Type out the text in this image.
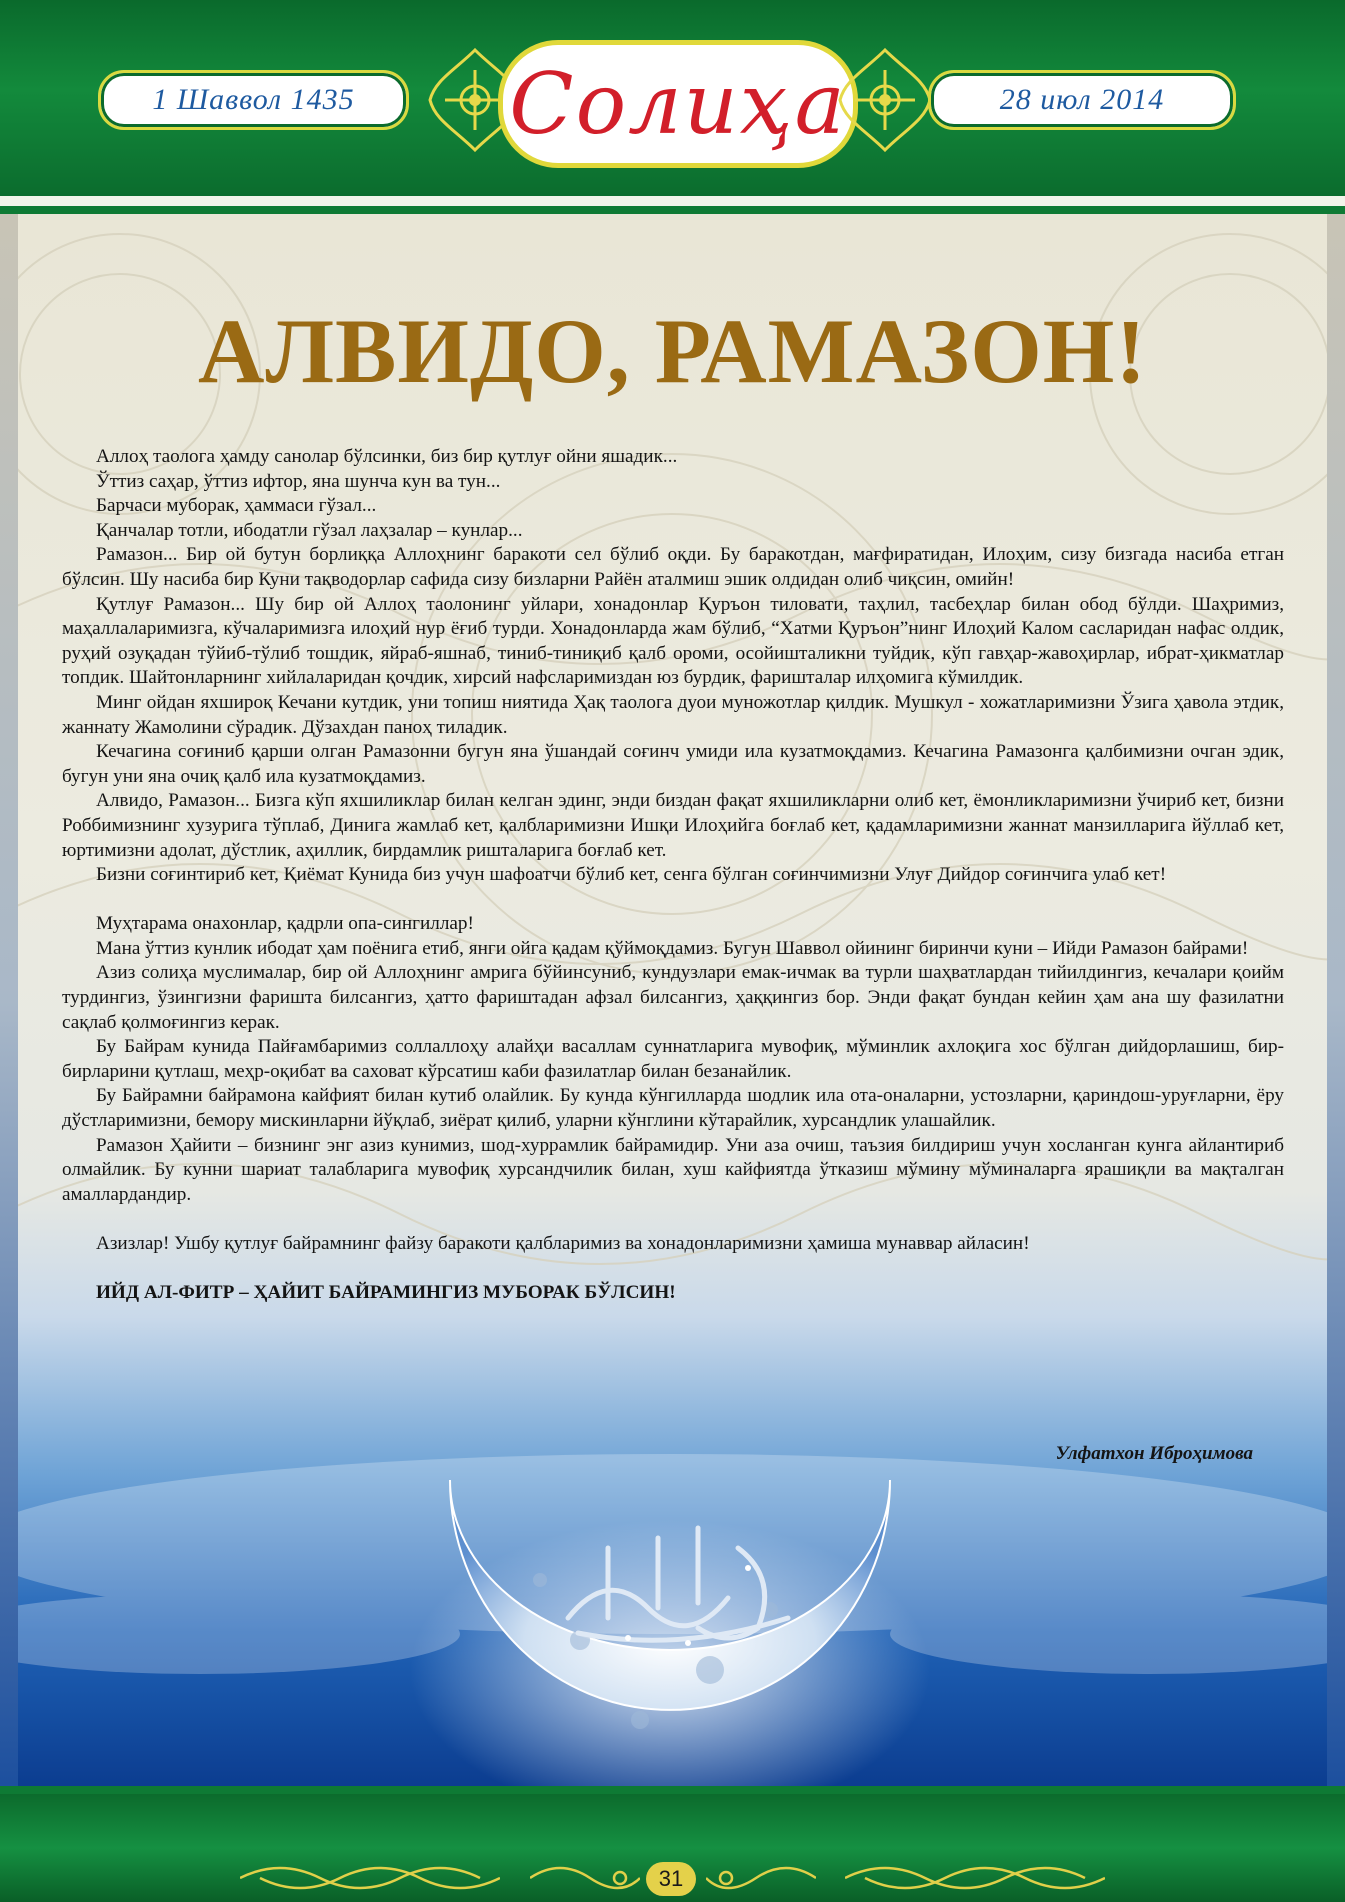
1 Шаввол 1435 Солиҳа	28 июл 2014
АЛВИДО, РАМАЗОН!

Аллоҳ таолога ҳамду санолар бўлсинки, биз бир қутлуғ ойни яшадик...

Ўттиз саҳар, ўттиз ифтор, яна шунча кун ва тун...

Барчаси муборак, ҳаммаси гўзал...

Қанчалар тотли, ибодатли гўзал лаҳзалар – кунлар...

Рамазон... Бир ой бутун борлиққа Аллоҳнинг баракоти сел бўлиб оқди. Бу баракотдан, мағфиратидан, Илоҳим, сизу бизгада насиба етган бўлсин. Шу насиба бир Куни тақводорлар сафида сизу бизларни Райён аталмиш эшик олдидан олиб чиқсин, омийн!

Қутлуғ Рамазон... Шу бир ой Аллоҳ таолонинг уйлари, хонадонлар Қуръон тиловати, таҳлил, тасбеҳлар билан обод бўлди. Шаҳримиз, маҳаллаларимизга, кўчаларимизга илоҳий нур ёғиб турди. Хонадонларда жам бўлиб, “Хатми Қуръон”нинг Илоҳий Калом сасларидан нафас олдик, руҳий озуқадан тўйиб-тўлиб тошдик, яйраб-яшнаб, тиниб-тиниқиб қалб ороми, осойишталикни туйдик, кўп гавҳар-жавоҳирлар, ибрат-ҳикматлар топдик. Шайтонларнинг хийлаларидан қочдик, хирсий нафсларимиздан юз бурдик, фаришталар илҳомига кўмилдик.

Минг ойдан яхшироқ Кечани кутдик, уни топиш ниятида Ҳақ таолога дуои муножотлар қилдик. Мушкул - хожатларимизни Ўзига ҳавола этдик, жаннату Жамолини сўрадик. Дўзахдан паноҳ тиладик.

Кечагина соғиниб қарши олган Рамазонни бугун яна ўшандай соғинч умиди ила кузатмоқдамиз. Кечагина Рамазонга қалбимизни очган эдик, бугун уни яна очиқ қалб ила кузатмоқдамиз.

Алвидо, Рамазон... Бизга кўп яхшиликлар билан келган эдинг, энди биздан фақат яхшиликларни олиб кет, ёмонликларимизни ўчириб кет, бизни Роббимизнинг хузурига тўплаб, Динига жамлаб кет, қалбларимизни Ишқи Илоҳийга боғлаб кет, қадамларимизни жаннат манзилларига йўллаб кет, юртимизни адолат, дўстлик, аҳиллик, бирдамлик ришталарига боғлаб кет.

Бизни соғинтириб кет, Қиёмат Кунида биз учун шафоатчи бўлиб кет, сенга бўлган соғинчимизни Улуғ Дийдор соғинчига улаб кет!

Муҳтарама онахонлар, қадрли опа-сингиллар!

Мана ўттиз кунлик ибодат ҳам поёнига етиб, янги ойга қадам қўймоқдамиз. Бугун Шаввол ойининг биринчи куни – Ийди Рамазон байрами!

Азиз солиҳа муслималар, бир ой Аллоҳнинг амрига бўйинсуниб, кундузлари емак-ичмак ва турли шаҳватлардан тийилдингиз, кечалари қоийм турдингиз, ўзингизни фаришта билсангиз, ҳатто фариштадан афзал билсангиз, ҳаққингиз бор. Энди фақат бундан кейин ҳам ана шу фазилатни сақлаб қолмоғингиз керак.

Бу Байрам кунида Пайғамбаримиз соллаллоҳу алайҳи васаллам суннатларига мувофиқ, мўминлик ахлоқига хос бўлган дийдорлашиш, бир-бирларини қутлаш, меҳр-оқибат ва саховат кўрсатиш каби фазилатлар билан безанайлик.

Бу Байрамни байрамона кайфият билан кутиб олайлик. Бу кунда кўнгилларда шодлик ила ота-оналарни, устозларни, қариндош-уруғларни, ёру дўстларимизни, бемору мискинларни йўқлаб, зиёрат қилиб, уларни кўнглини кўтарайлик, хурсандлик улашайлик.

Рамазон Ҳайити – бизнинг энг азиз кунимиз, шод-хуррамлик байрамидир. Уни аза очиш, таъзия билдириш учун хосланган кунга айлантириб олмайлик. Бу кунни шариат талабларига мувофиқ хурсандчилик билан, хуш кайфиятда ўтказиш мўмину мўминаларга ярашиқли ва мақталган амаллардандир.

Азизлар! Ушбу қутлуғ байрамнинг файзу баракоти қалбларимиз ва хонадонларимизни ҳамиша мунаввар айласин!

ИЙД АЛ-ФИТР – ҲАЙИТ БАЙРАМИНГИЗ МУБОРАК БЎЛСИН!

Улфатхон Иброҳимова
31
